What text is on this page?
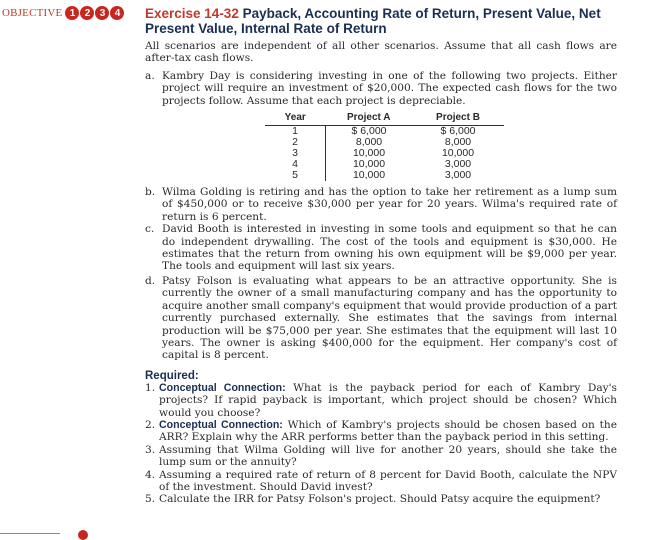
OBJECTIVE 1 2 3 4	Exercise 14-32 Payback, Accounting Rate of Return, Present Value, Net Present Value, Internal Rate of Return

All scenarios are independent of all other scenarios. Assume that all cash flows are after-tax cash flows.

a. Kambry Day is considering investing in one of the following two projects. Either project will require an investment of $20,000. The expected cash flows for the two projects follow. Assume that each project is depreciable.
Year	Project A	Project B
1	$ 6,000	$ 6,000
2	8,000	8,000
3	10,000	10,000
4	10,000	3,000
5	10,000	3,000
b. Wilma Golding is retiring and has the option to take her retirement as a lump sum of $450,000 or to receive $30,000 per year for 20 years. Wilma's required rate of return is 6 percent.
c. David Booth is interested in investing in some tools and equipment so that he can do independent drywalling. The cost of the tools and equipment is $30,000. He estimates that the return from owning his own equipment will be $9,000 per year. The tools and equipment will last six years.
d. Patsy Folson is evaluating what appears to be an attractive opportunity. She is currently the owner of a small manufacturing company and has the opportunity to acquire another small company's equipment that would provide production of a part currently purchased externally. She estimates that the savings from internal production will be $75,000 per year. She estimates that the equipment will last 10 years. The owner is asking $400,000 for the equipment. Her company's cost of capital is 8 percent.
Required:
1. Conceptual Connection: What is the payback period for each of Kambry Day's projects? If rapid payback is important, which project should be chosen? Which would you choose?
2. Conceptual Connection: Which of Kambry's projects should be chosen based on the ARR? Explain why the ARR performs better than the payback period in this setting.
3. Assuming that Wilma Golding will live for another 20 years, should she take the lump sum or the annuity?
4. Assuming a required rate of return of 8 percent for David Booth, calculate the NPV of the investment. Should David invest?
5. Calculate the IRR for Patsy Folson's project. Should Patsy acquire the equipment?
